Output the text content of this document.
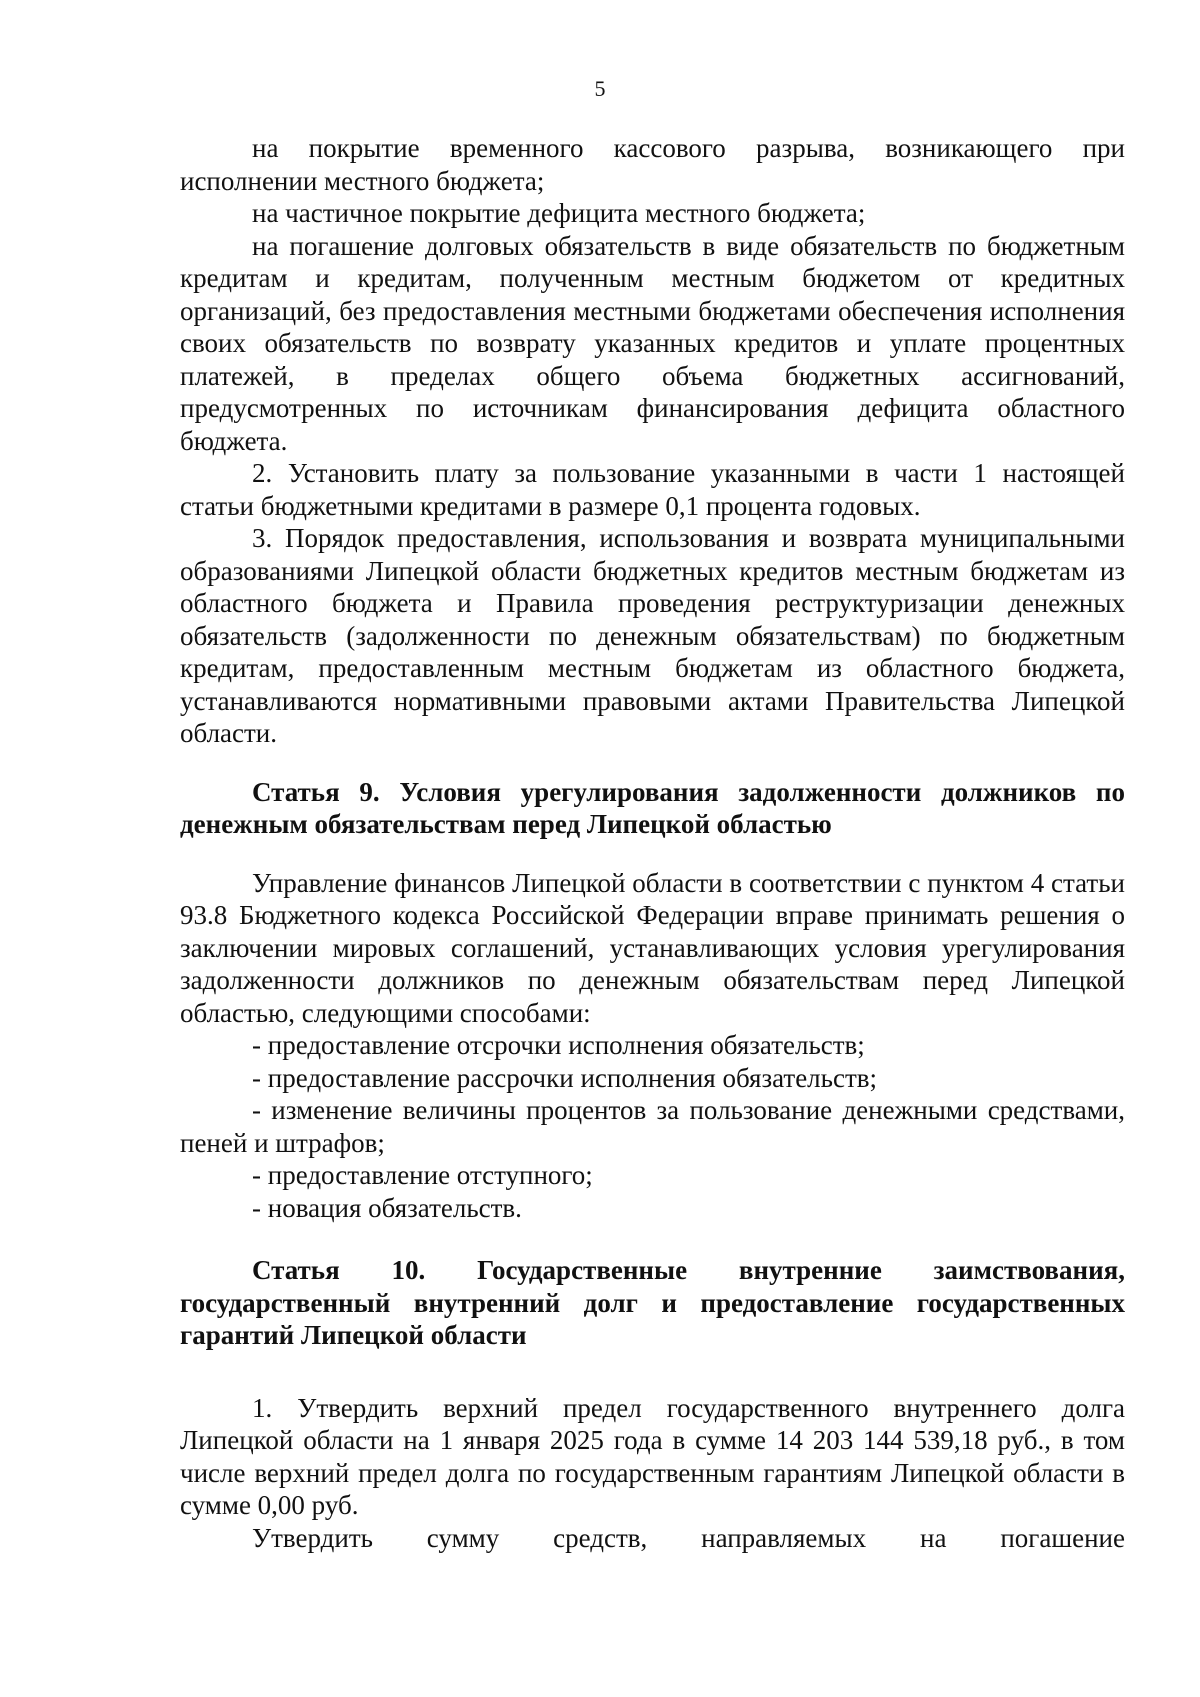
5

на покрытие временного кассового разрыва, возникающего при исполнении местного бюджета;

на частичное покрытие дефицита местного бюджета;

на погашение долговых обязательств в виде обязательств по бюджетным кредитам и кредитам, полученным местным бюджетом от кредитных организаций, без предоставления местными бюджетами обеспечения исполнения своих обязательств по возврату указанных кредитов и уплате процентных платежей, в пределах общего объема бюджетных ассигнований, предусмотренных по источникам финансирования дефицита областного бюджета.

2. Установить плату за пользование указанными в части 1 настоящей статьи бюджетными кредитами в размере 0,1 процента годовых.

3. Порядок предоставления, использования и возврата муниципальными образованиями Липецкой области бюджетных кредитов местным бюджетам из областного бюджета и Правила проведения реструктуризации денежных обязательств (задолженности по денежным обязательствам) по бюджетным кредитам, предоставленным местным бюджетам из областного бюджета, устанавливаются нормативными правовыми актами Правительства Липецкой области.

Статья 9. Условия урегулирования задолженности должников по денежным обязательствам перед Липецкой областью

Управление финансов Липецкой области в соответствии с пунктом 4 статьи 93.8 Бюджетного кодекса Российской Федерации вправе принимать решения о заключении мировых соглашений, устанавливающих условия урегулирования задолженности должников по денежным обязательствам перед Липецкой областью, следующими способами:

- предоставление отсрочки исполнения обязательств;

- предоставление рассрочки исполнения обязательств;

- изменение величины процентов за пользование денежными средствами, пеней и штрафов;

- предоставление отступного;

- новация обязательств.

Статья 10. Государственные внутренние заимствования,
государственный внутренний долг и предоставление государственных гарантий Липецкой области

1. Утвердить верхний предел государственного внутреннего долга Липецкой области на 1 января 2025 года в сумме 14 203 144 539,18 руб., в том числе верхний предел долга по государственным гарантиям Липецкой области в сумме 0,00 руб.

Утвердить сумму средств, направляемых на погашение
